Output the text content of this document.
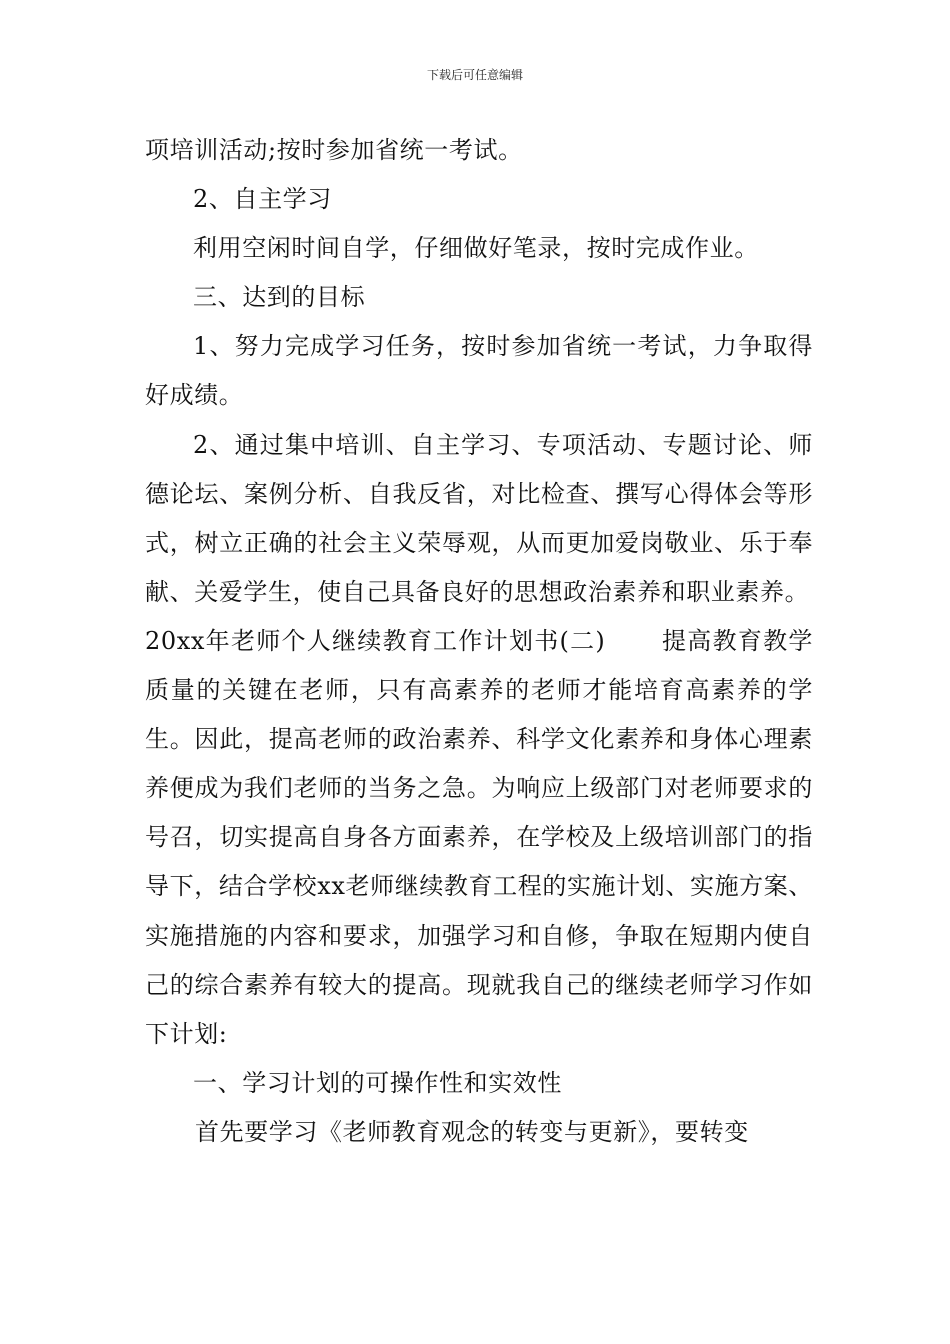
下载后可任意编辑

项培训活动;按时参加省统一考试。

2、自主学习

利用空闲时间自学，仔细做好笔录，按时完成作业。

三、达到的目标

1、努力完成学习任务，按时参加省统一考试，力争取得好成绩。

2、通过集中培训、自主学习、专项活动、专题讨论、师德论坛、案例分析、自我反省，对比检查、撰写心得体会等形式，树立正确的社会主义荣辱观，从而更加爱岗敬业、乐于奉献、关爱学生，使自己具备良好的思想政治素养和职业素养。

20xx年老师个人继续教育工作计划书(二) 提高教育教学质量的关键在老师，只有高素养的老师才能培育高素养的学生。因此，提高老师的政治素养、科学文化素养和身体心理素养便成为我们老师的当务之急。为响应上级部门对老师要求的号召，切实提高自身各方面素养，在学校及上级培训部门的指导下，结合学校xx老师继续教育工程的实施计划、实施方案、实施措施的内容和要求，加强学习和自修，争取在短期内使自己的综合素养有较大的提高。现就我自己的继续老师学习作如下计划:

一、学习计划的可操作性和实效性

首先要学习《老师教育观念的转变与更新》，要转变
